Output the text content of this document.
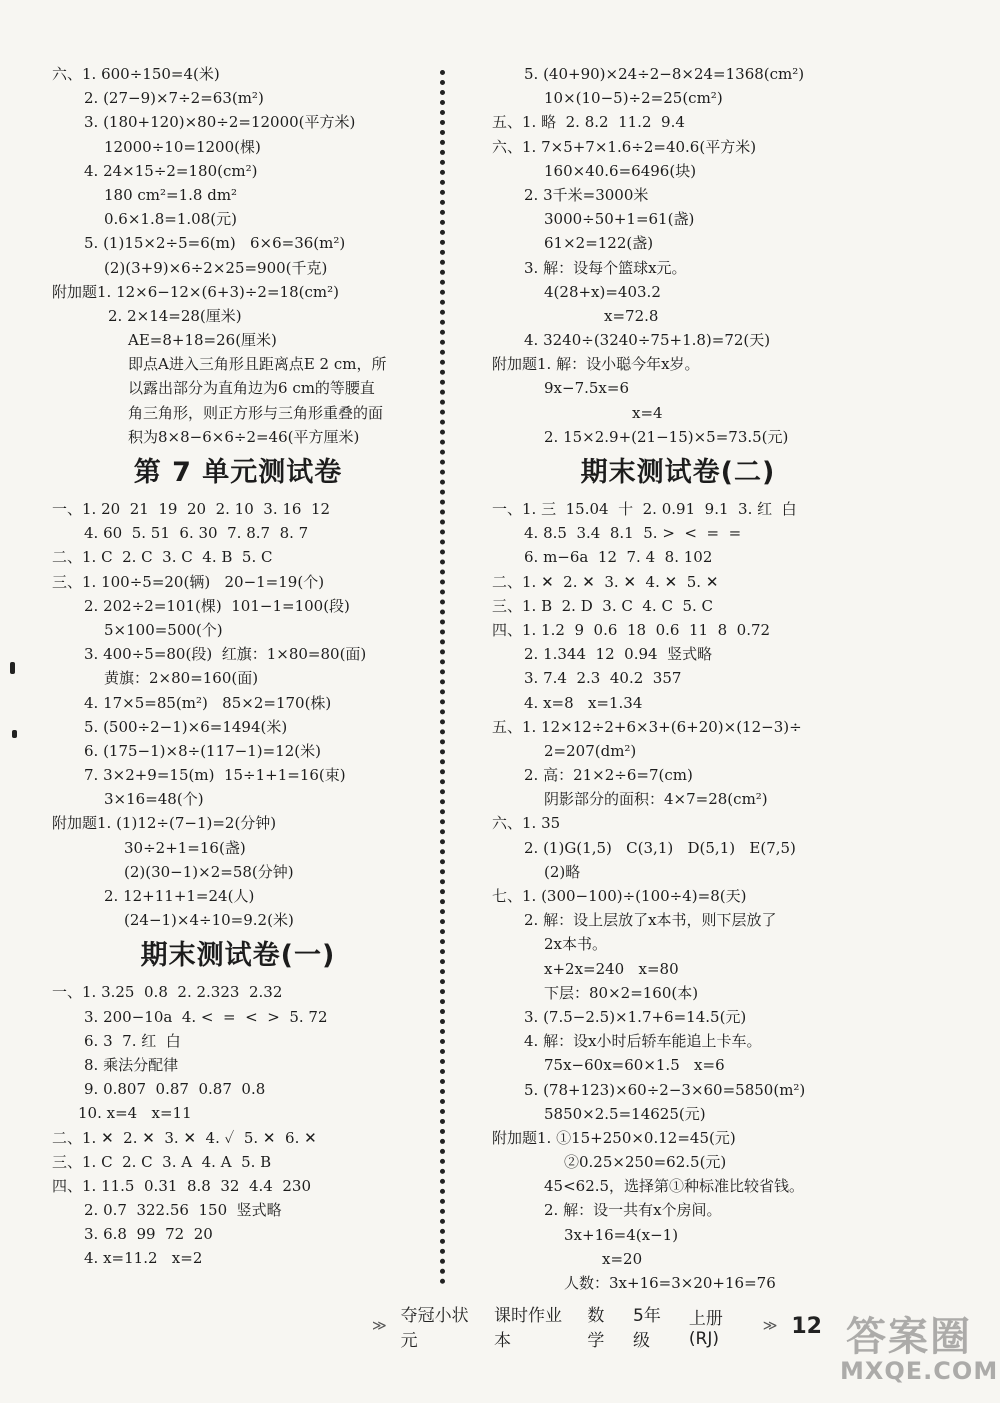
六、1. 600÷150=4(米)
2. (27−9)×7÷2=63(m²)
3. (180+120)×80÷2=12000(平方米)
12000÷10=1200(棵)
4. 24×15÷2=180(cm²)
180 cm²=1.8 dm²
0.6×1.8=1.08(元)
5. (1)15×2÷5=6(m)   6×6=36(m²)
(2)(3+9)×6÷2×25=900(千克)
附加题1. 12×6−12×(6+3)÷2=18(cm²)
2. 2×14=28(厘米)
AE=8+18=26(厘米)
即点A进入三角形且距离点E 2 cm，所
以露出部分为直角边为6 cm的等腰直
角三角形，则正方形与三角形重叠的面
积为8×8−6×6÷2=46(平方厘米)
第 7 单元测试卷
一、1. 20  21  19  20  2. 10  3. 16  12
4. 60  5. 51  6. 30  7. 8.7  8. 7
二、1. C  2. C  3. C  4. B  5. C
三、1. 100÷5=20(辆)   20−1=19(个)
2. 202÷2=101(棵)  101−1=100(段)
5×100=500(个)
3. 400÷5=80(段)  红旗：1×80=80(面)
黄旗：2×80=160(面)
4. 17×5=85(m²)   85×2=170(株)
5. (500÷2−1)×6=1494(米)
6. (175−1)×8÷(117−1)=12(米)
7. 3×2+9=15(m)  15÷1+1=16(束)
3×16=48(个)
附加题1. (1)12÷(7−1)=2(分钟)
30÷2+1=16(盏)
(2)(30−1)×2=58(分钟)
2. 12+11+1=24(人)
(24−1)×4÷10=9.2(米)
期末测试卷(一)
一、1. 3.25  0.8  2. 2.323  2.32
3. 200−10a  4. <  =  <  >  5. 72
6. 3  7. 红  白
8. 乘法分配律
9. 0.807  0.87  0.87  0.8
10. x=4   x=11
二、1. ✕  2. ✕  3. ✕  4. ✓  5. ✕  6. ✕
三、1. C  2. C  3. A  4. A  5. B
四、1. 11.5  0.31  8.8  32  4.4  230
2. 0.7  322.56  150  竖式略
3. 6.8  99  72  20
4. x=11.2   x=2
5. (40+90)×24÷2−8×24=1368(cm²)
10×(10−5)÷2=25(cm²)
五、1. 略  2. 8.2  11.2  9.4
六、1. 7×5+7×1.6÷2=40.6(平方米)
160×40.6=6496(块)
2. 3千米=3000米
3000÷50+1=61(盏)
61×2=122(盏)
3. 解：设每个篮球x元。
4(28+x)=403.2
x=72.8
4. 3240÷(3240÷75+1.8)=72(天)
附加题1. 解：设小聪今年x岁。
9x−7.5x=6
x=4
2. 15×2.9+(21−15)×5=73.5(元)
期末测试卷(二)
一、1. 三  15.04  十  2. 0.91  9.1  3. 红  白
4. 8.5  3.4  8.1  5. >  <  =  =
6. m−6a  12  7. 4  8. 102
二、1. ✕  2. ✕  3. ✕  4. ✕  5. ✕
三、1. B  2. D  3. C  4. C  5. C
四、1. 1.2  9  0.6  18  0.6  11  8  0.72
2. 1.344  12  0.94  竖式略
3. 7.4  2.3  40.2  357
4. x=8   x=1.34
五、1. 12×12÷2+6×3+(6+20)×(12−3)÷
2=207(dm²)
2. 高：21×2÷6=7(cm)
阴影部分的面积：4×7=28(cm²)
六、1. 35
2. (1)G(1,5)   C(3,1)   D(5,1)   E(7,5)
(2)略
七、1. (300−100)÷(100÷4)=8(天)
2. 解：设上层放了x本书，则下层放了
2x本书。
x+2x=240   x=80
下层：80×2=160(本)
3. (7.5−2.5)×1.7+6=14.5(元)
4. 解：设x小时后轿车能追上卡车。
75x−60x=60×1.5   x=6
5. (78+123)×60÷2−3×60=5850(m²)
5850×2.5=14625(元)
附加题1. ①15+250×0.12=45(元)
②0.25×250=62.5(元)
45<62.5，选择第①种标准比较省钱。
2. 解：设一共有x个房间。
3x+16=4(x−1)
x=20
人数：3x+16=3×20+16=76
≫ 夺冠小状元
课时作业本
数学
5年级
上册(RJ)
≫ 12 答案圈
MXQE.COM
